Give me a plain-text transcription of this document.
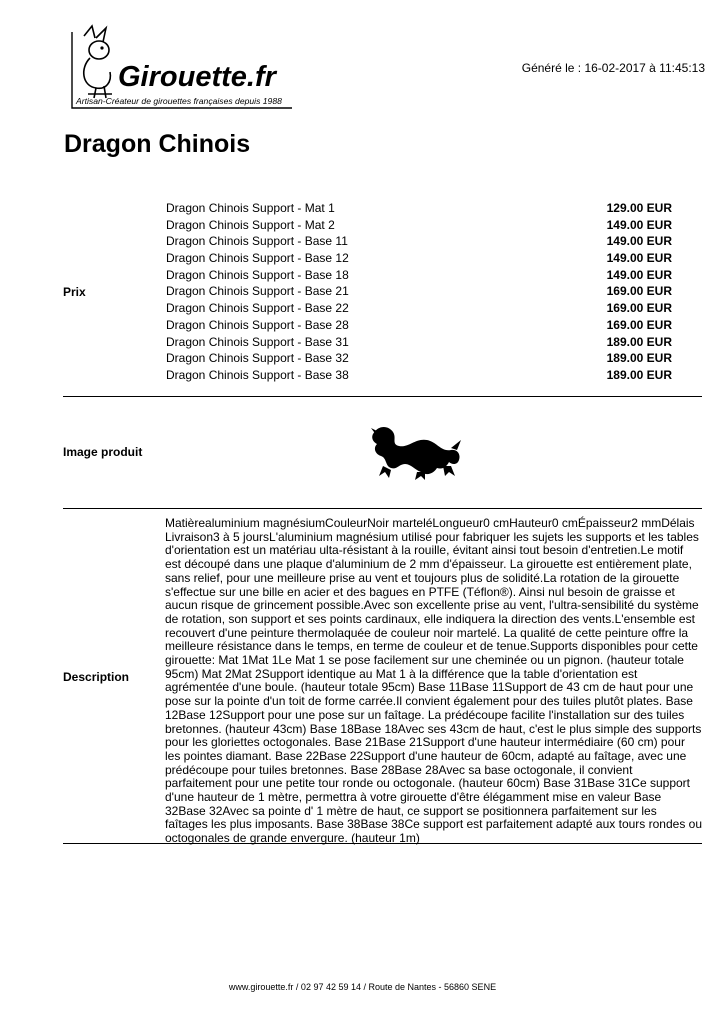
Girouette.fr
Artisan-Créateur de girouettes françaises depuis 1988
Généré le : 16-02-2017 à 11:45:13
Dragon Chinois
Prix
Dragon Chinois Support - Mat 1	129.00 EUR
Dragon Chinois Support - Mat 2	149.00 EUR
Dragon Chinois Support - Base 11	149.00 EUR
Dragon Chinois Support - Base 12	149.00 EUR
Dragon Chinois Support - Base 18	149.00 EUR
Dragon Chinois Support - Base 21	169.00 EUR
Dragon Chinois Support - Base 22	169.00 EUR
Dragon Chinois Support - Base 28	169.00 EUR
Dragon Chinois Support - Base 31	189.00 EUR
Dragon Chinois Support - Base 32	189.00 EUR
Dragon Chinois Support - Base 38	189.00 EUR
Image produit
Description

Matièrealuminium magnésiumCouleurNoir martelé​Longueur0 cmHauteur0 cmÉpaisseur2 mmDélais Livraison3 à 5 joursL'aluminium magnésium utilisé pour fabriquer les sujets les supports et les tables d'orientation est un matériau ulta-résistant à la rouille, évitant ainsi tout besoin d'entretien.Le motif est découpé dans une plaque d'aluminium de 2 mm d'épaisseur. La girouette est entièrement plate, sans relief, pour une meilleure prise au vent et toujours plus de solidité.La rotation de la girouette s'effectue sur une bille en acier et des bagues en PTFE (Téflon®). Ainsi nul besoin de graisse et aucun risque de grincement possible.Avec son excellente prise au vent, l'ultra-sensibilité du système de rotation, son support et ses points cardinaux, elle indiquera la direction des vents.L'ensemble est recouvert d'une peinture thermolaquée de couleur noir martelé. La qualité de cette peinture offre la meilleure résistance dans le temps, en terme de couleur et de tenue.Supports disponibles pour cette girouette: Mat 1Mat 1Le Mat 1 se pose facilement sur une cheminée ou un pignon. (hauteur totale 95cm) Mat 2Mat 2Support identique au Mat 1 à la différence que la table d'orientation est agrémentée d'une boule. (hauteur totale 95cm) Base 11Base 11Support de 43 cm de haut pour une pose sur la pointe d'un toit de forme carrée.Il convient également pour des tuiles plutôt plates. Base 12Base 12Support pour une pose sur un faîtage. La prédécoupe facilite l'installation sur des tuiles bretonnes. (hauteur 43cm) Base 18Base 18Avec ses 43cm de haut, c'est le plus simple des supports pour les gloriettes octogonales. Base 21Base 21Support d'une hauteur intermédiaire (60 cm) pour les pointes diamant. Base 22Base 22Support d'une hauteur de 60cm, adapté au faîtage, avec une prédécoupe pour tuiles bretonnes. Base 28Base 28Avec sa base octogonale, il convient parfaitement pour une petite tour ronde ou octogonale. (hauteur 60cm) Base 31Base 31Ce support d'une hauteur de 1 mètre, permettra à votre girouette d'être élégamment mise en valeur Base 32Base 32Avec sa pointe d' 1 mètre de haut, ce support se positionnera parfaitement sur les faîtages les plus imposants. Base 38Base 38Ce support est parfaitement adapté aux tours rondes ou octogonales de grande envergure. (hauteur 1m)

www.girouette.fr / 02 97 42 59 14 / Route de Nantes - 56860 SENE
